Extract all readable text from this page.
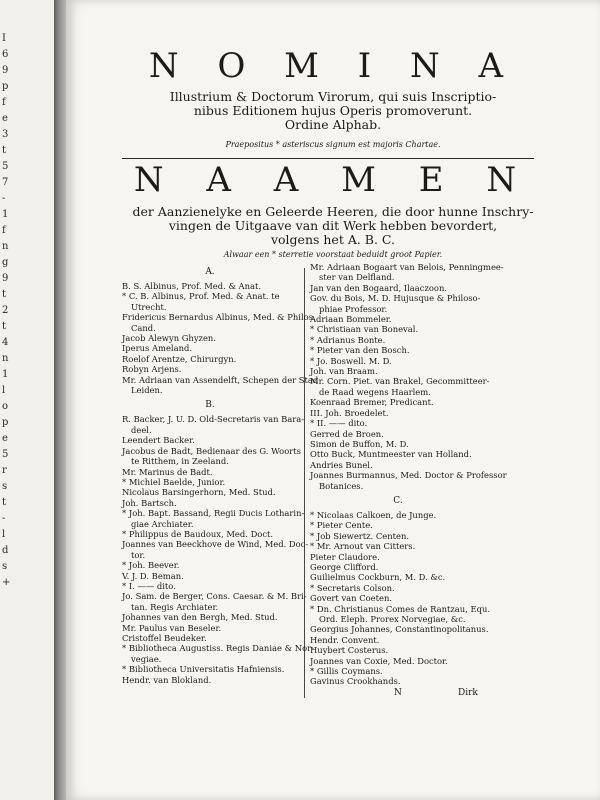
I
6
9
p
f
e
3
t
5
7
-
1
f
n
g
9
t
2
t
4
n
1
l
o
p
e
5
r
s
t
-
l
d
s
+
N O M I N A
Illustrium & Doctorum Virorum, qui suis Inscriptio-
nibus Editionem hujus Operis promoverunt.
Ordine Alphab.
Praepositus * asteriscus signum est majoris Chartae.
N A A M E N
der Aanzienelyke en Geleerde Heeren, die door hunne Inschry-
vingen de Uitgaave van dit Werk hebben bevordert,
volgens het A. B. C.
Alwaar een * sterretie voorstaat beduidt groot Papier.
A.
B. S. Albinus, Prof. Med. & Anat.
* C. B. Albinus, Prof. Med. & Anat. te
Utrecht.
Fridericus Bernardus Albinus, Med. & Philos.
Cand.
Jacob Alewyn Ghyzen.
Iperus Ameland.
Roelof Arentze, Chirurgyn.
Robyn Arjens.
Mr. Adriaan van Assendelft, Schepen der Stad
Leiden.
B.
R. Backer, J. U. D. Old-Secretaris van Bara-
deel.
Leendert Backer.
Jacobus de Badt, Bedienaar des G. Woorts
te Ritthem, in Zeeland.
Mr. Marinus de Badt.
* Michiel Baelde, Junior.
Nicolaus Barsingerhorn, Med. Stud.
Joh. Bartsch.
* Joh. Bapt. Bassand, Regii Ducis Lotharin-
giae Archiater.
* Philippus de Baudoux, Med. Doct.
Joannes van Beeckhove de Wind, Med. Doc-
tor.
* Joh. Beever.
V. J. D. Beman.
* I. —— dito.
Jo. Sam. de Berger, Cons. Caesar. & M. Bri-
tan. Regis Archiater.
Johannes van den Bergh, Med. Stud.
Mr. Paulus van Beseler.
Cristoffel Beudeker.
* Bibliotheca Augustiss. Regis Daniae & Nor-
vegiae.
* Bibliotheca Universitatis Hafniensis.
Hendr. van Blokland.
Mr. Adriaan Bogaart van Belois, Penningmee-
ster van Delfland.
Jan van den Bogaard, Ilaaczoon.
Gov. du Bois, M. D. Hujusque & Philoso-
phiae Professor.
Adriaan Bommeler.
* Christiaan van Boneval.
* Adrianus Bonte.
* Pieter van den Bosch.
* Jo. Boswell. M. D.
Joh. van Braam.
Mr. Corn. Piet. van Brakel, Gecommitteer-
de Raad wegens Haarlem.
Koenraad Bremer, Predicant.
III. Joh. Broedelet.
* II. —— dito.
Gerred de Broen.
Simon de Buffon, M. D.
Otto Buck, Muntmeester van Holland.
Andries Bunel.
Joannes Burmannus, Med. Doctor & Professor
Botanices.
C.
* Nicolaas Calkoen, de Junge.
* Pieter Cente.
* Job Siewertz. Centen.
* Mr. Arnout van Citters.
Pieter Claudore.
George Clifford.
Guilielmus Cockburn, M. D. &c.
* Secretaris Colson.
Govert van Coeten.
* Dn. Christianus Comes de Rantzau, Equ.
Ord. Eleph. Prorex Norvegiae, &c.
Georgius Johannes, Constantinopolitanus.
Hendr. Convent.
Huybert Costerus.
Joannes van Coxie, Med. Doctor.
* Gillis Coymans.
Gavinus Crookhands.
N	Dirk
